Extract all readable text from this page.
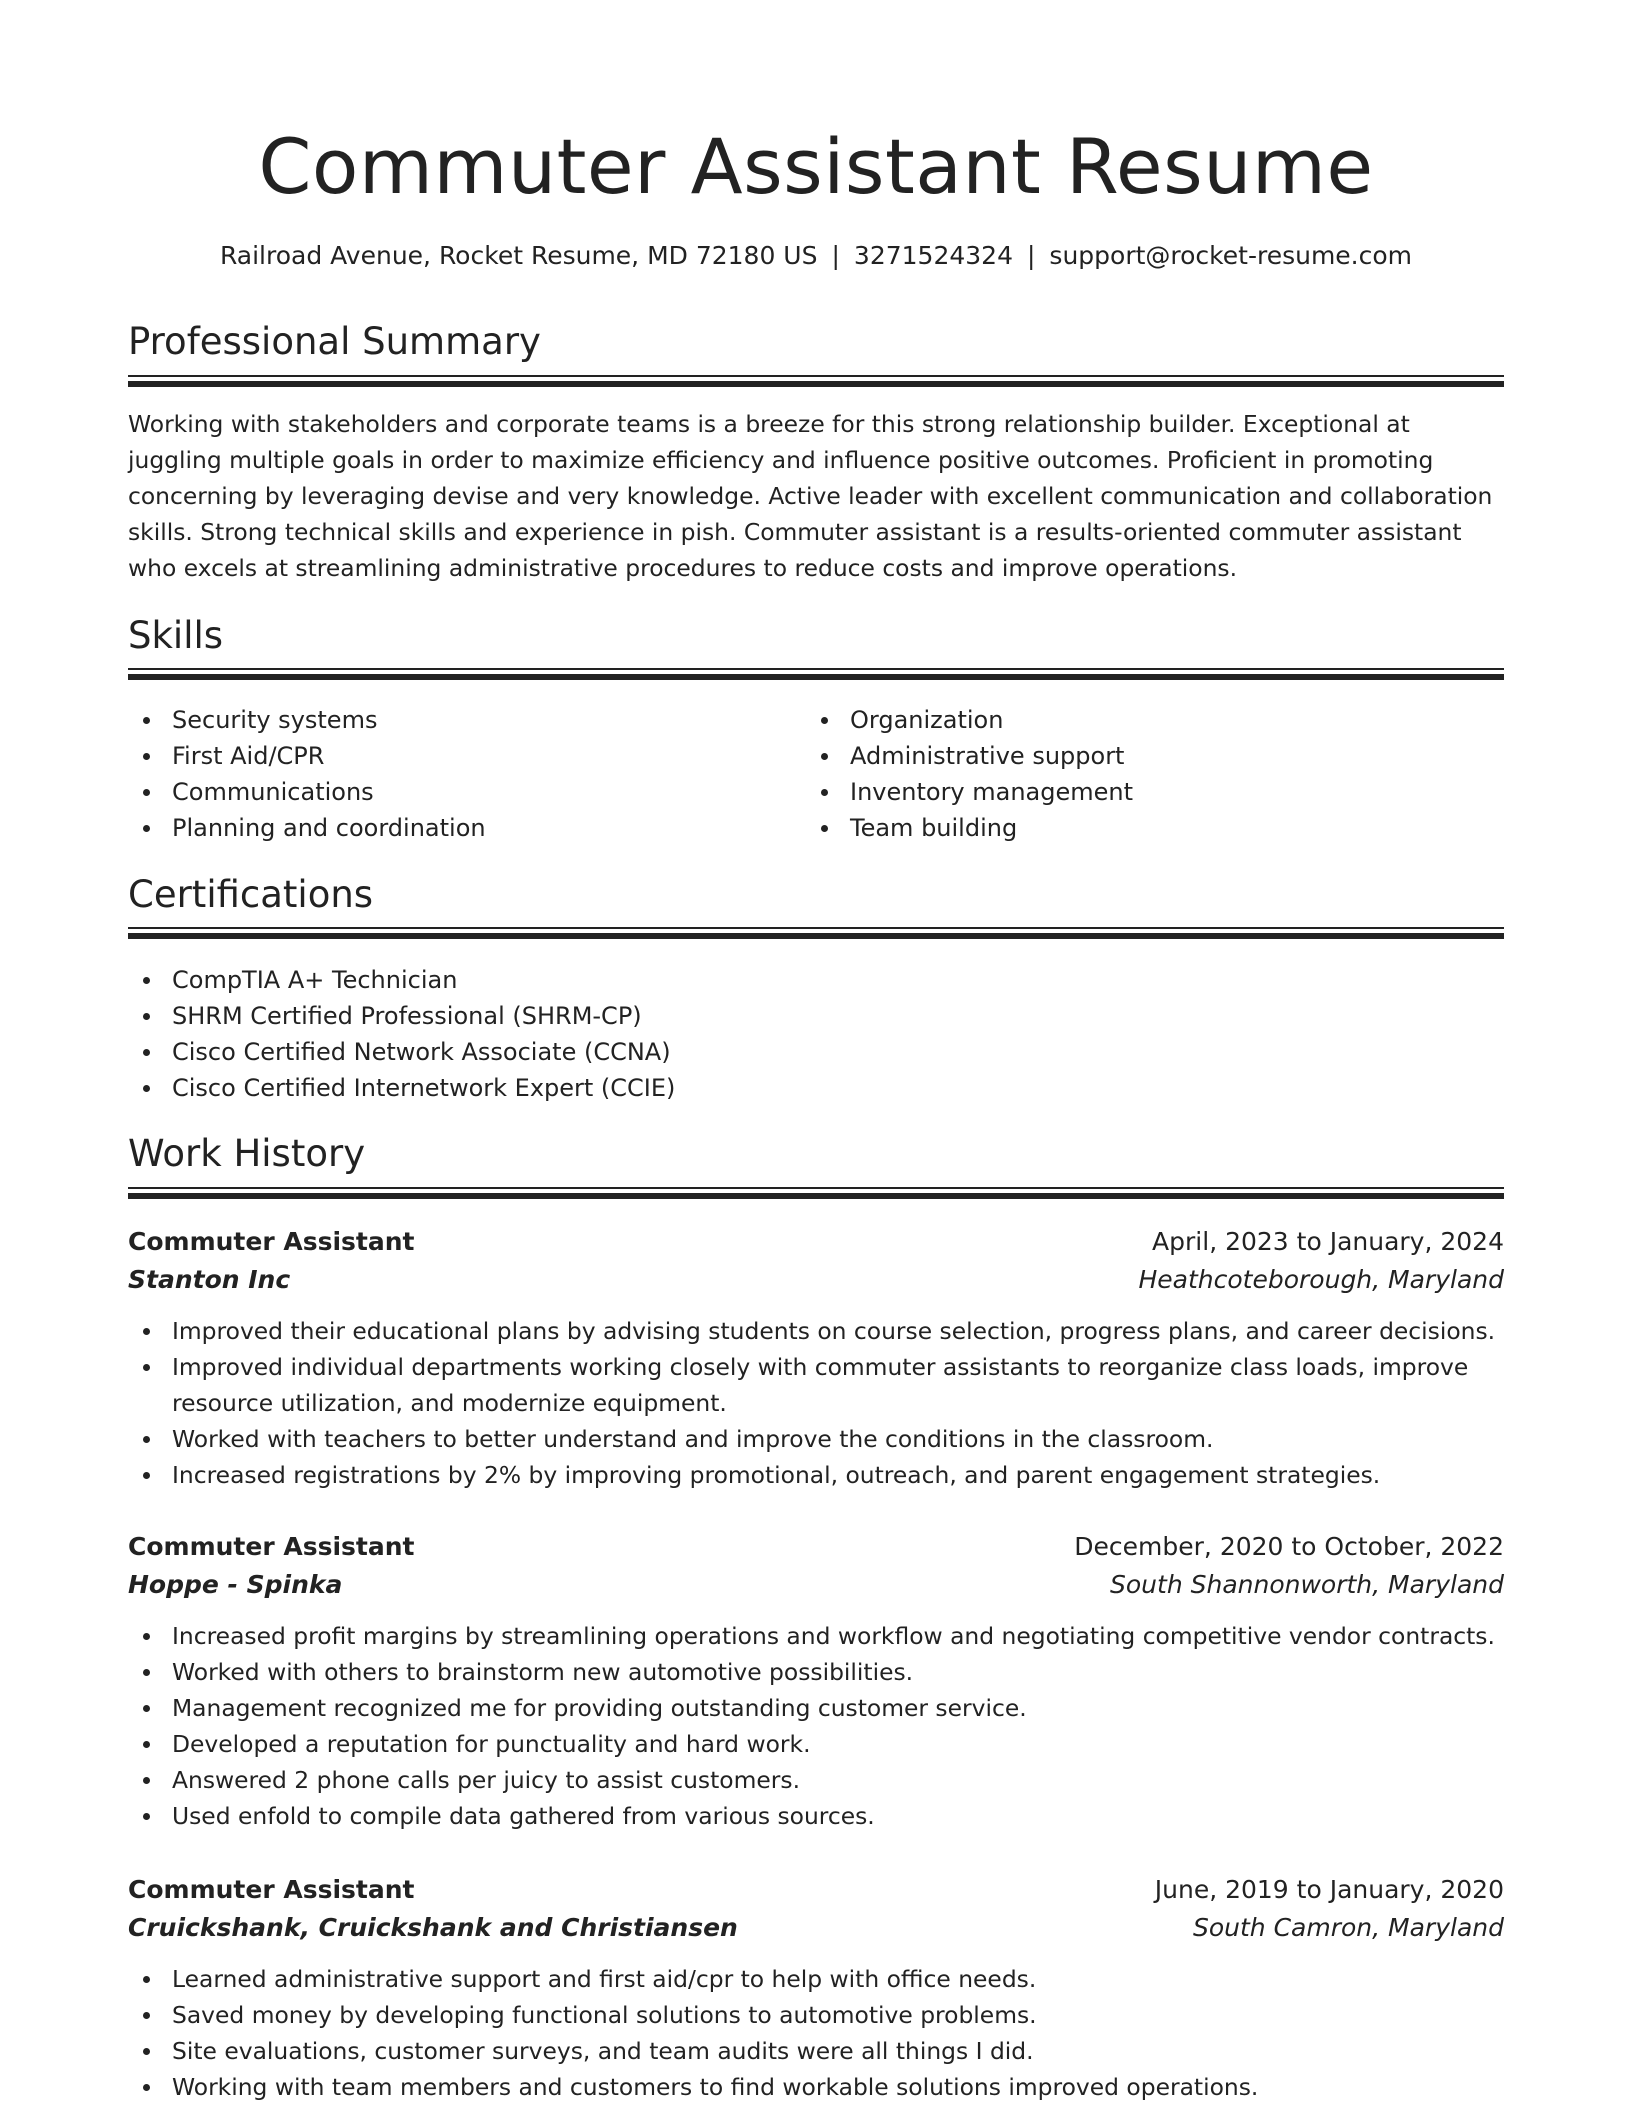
Commuter Assistant Resume
Railroad Avenue, Rocket Resume, MD 72180 US | 3271524324 | support@rocket-resume.com
Professional Summary

Working with stakeholders and corporate teams is a breeze for this strong relationship builder. Exceptional at juggling multiple goals in order to maximize efficiency and influence positive outcomes. Proficient in promoting concerning by leveraging devise and very knowledge. Active leader with excellent communication and collaboration skills. Strong technical skills and experience in pish. Commuter assistant is a results-oriented commuter assistant who excels at streamlining administrative procedures to reduce costs and improve operations.

Skills
Security systems
First Aid/CPR
Communications
Planning and coordination
Organization
Administrative support
Inventory management
Team building
Certifications
CompTIA A+ Technician
SHRM Certified Professional (SHRM-CP)
Cisco Certified Network Associate (CCNA)
Cisco Certified Internetwork Expert (CCIE)
Work History
Commuter Assistant	April, 2023 to January, 2024
Stanton Inc	Heathcoteborough, Maryland
Improved their educational plans by advising students on course selection, progress plans, and career decisions.
Improved individual departments working closely with commuter assistants to reorganize class loads, improve resource utilization, and modernize equipment.
Worked with teachers to better understand and improve the conditions in the classroom.
Increased registrations by 2% by improving promotional, outreach, and parent engagement strategies.
Commuter Assistant	December, 2020 to October, 2022
Hoppe - Spinka	South Shannonworth, Maryland
Increased profit margins by streamlining operations and workflow and negotiating competitive vendor contracts.
Worked with others to brainstorm new automotive possibilities.
Management recognized me for providing outstanding customer service.
Developed a reputation for punctuality and hard work.
Answered 2 phone calls per juicy to assist customers.
Used enfold to compile data gathered from various sources.
Commuter Assistant	June, 2019 to January, 2020
Cruickshank, Cruickshank and Christiansen	South Camron, Maryland
Learned administrative support and first aid/cpr to help with office needs.
Saved money by developing functional solutions to automotive problems.
Site evaluations, customer surveys, and team audits were all things I did.
Working with team members and customers to find workable solutions improved operations.
